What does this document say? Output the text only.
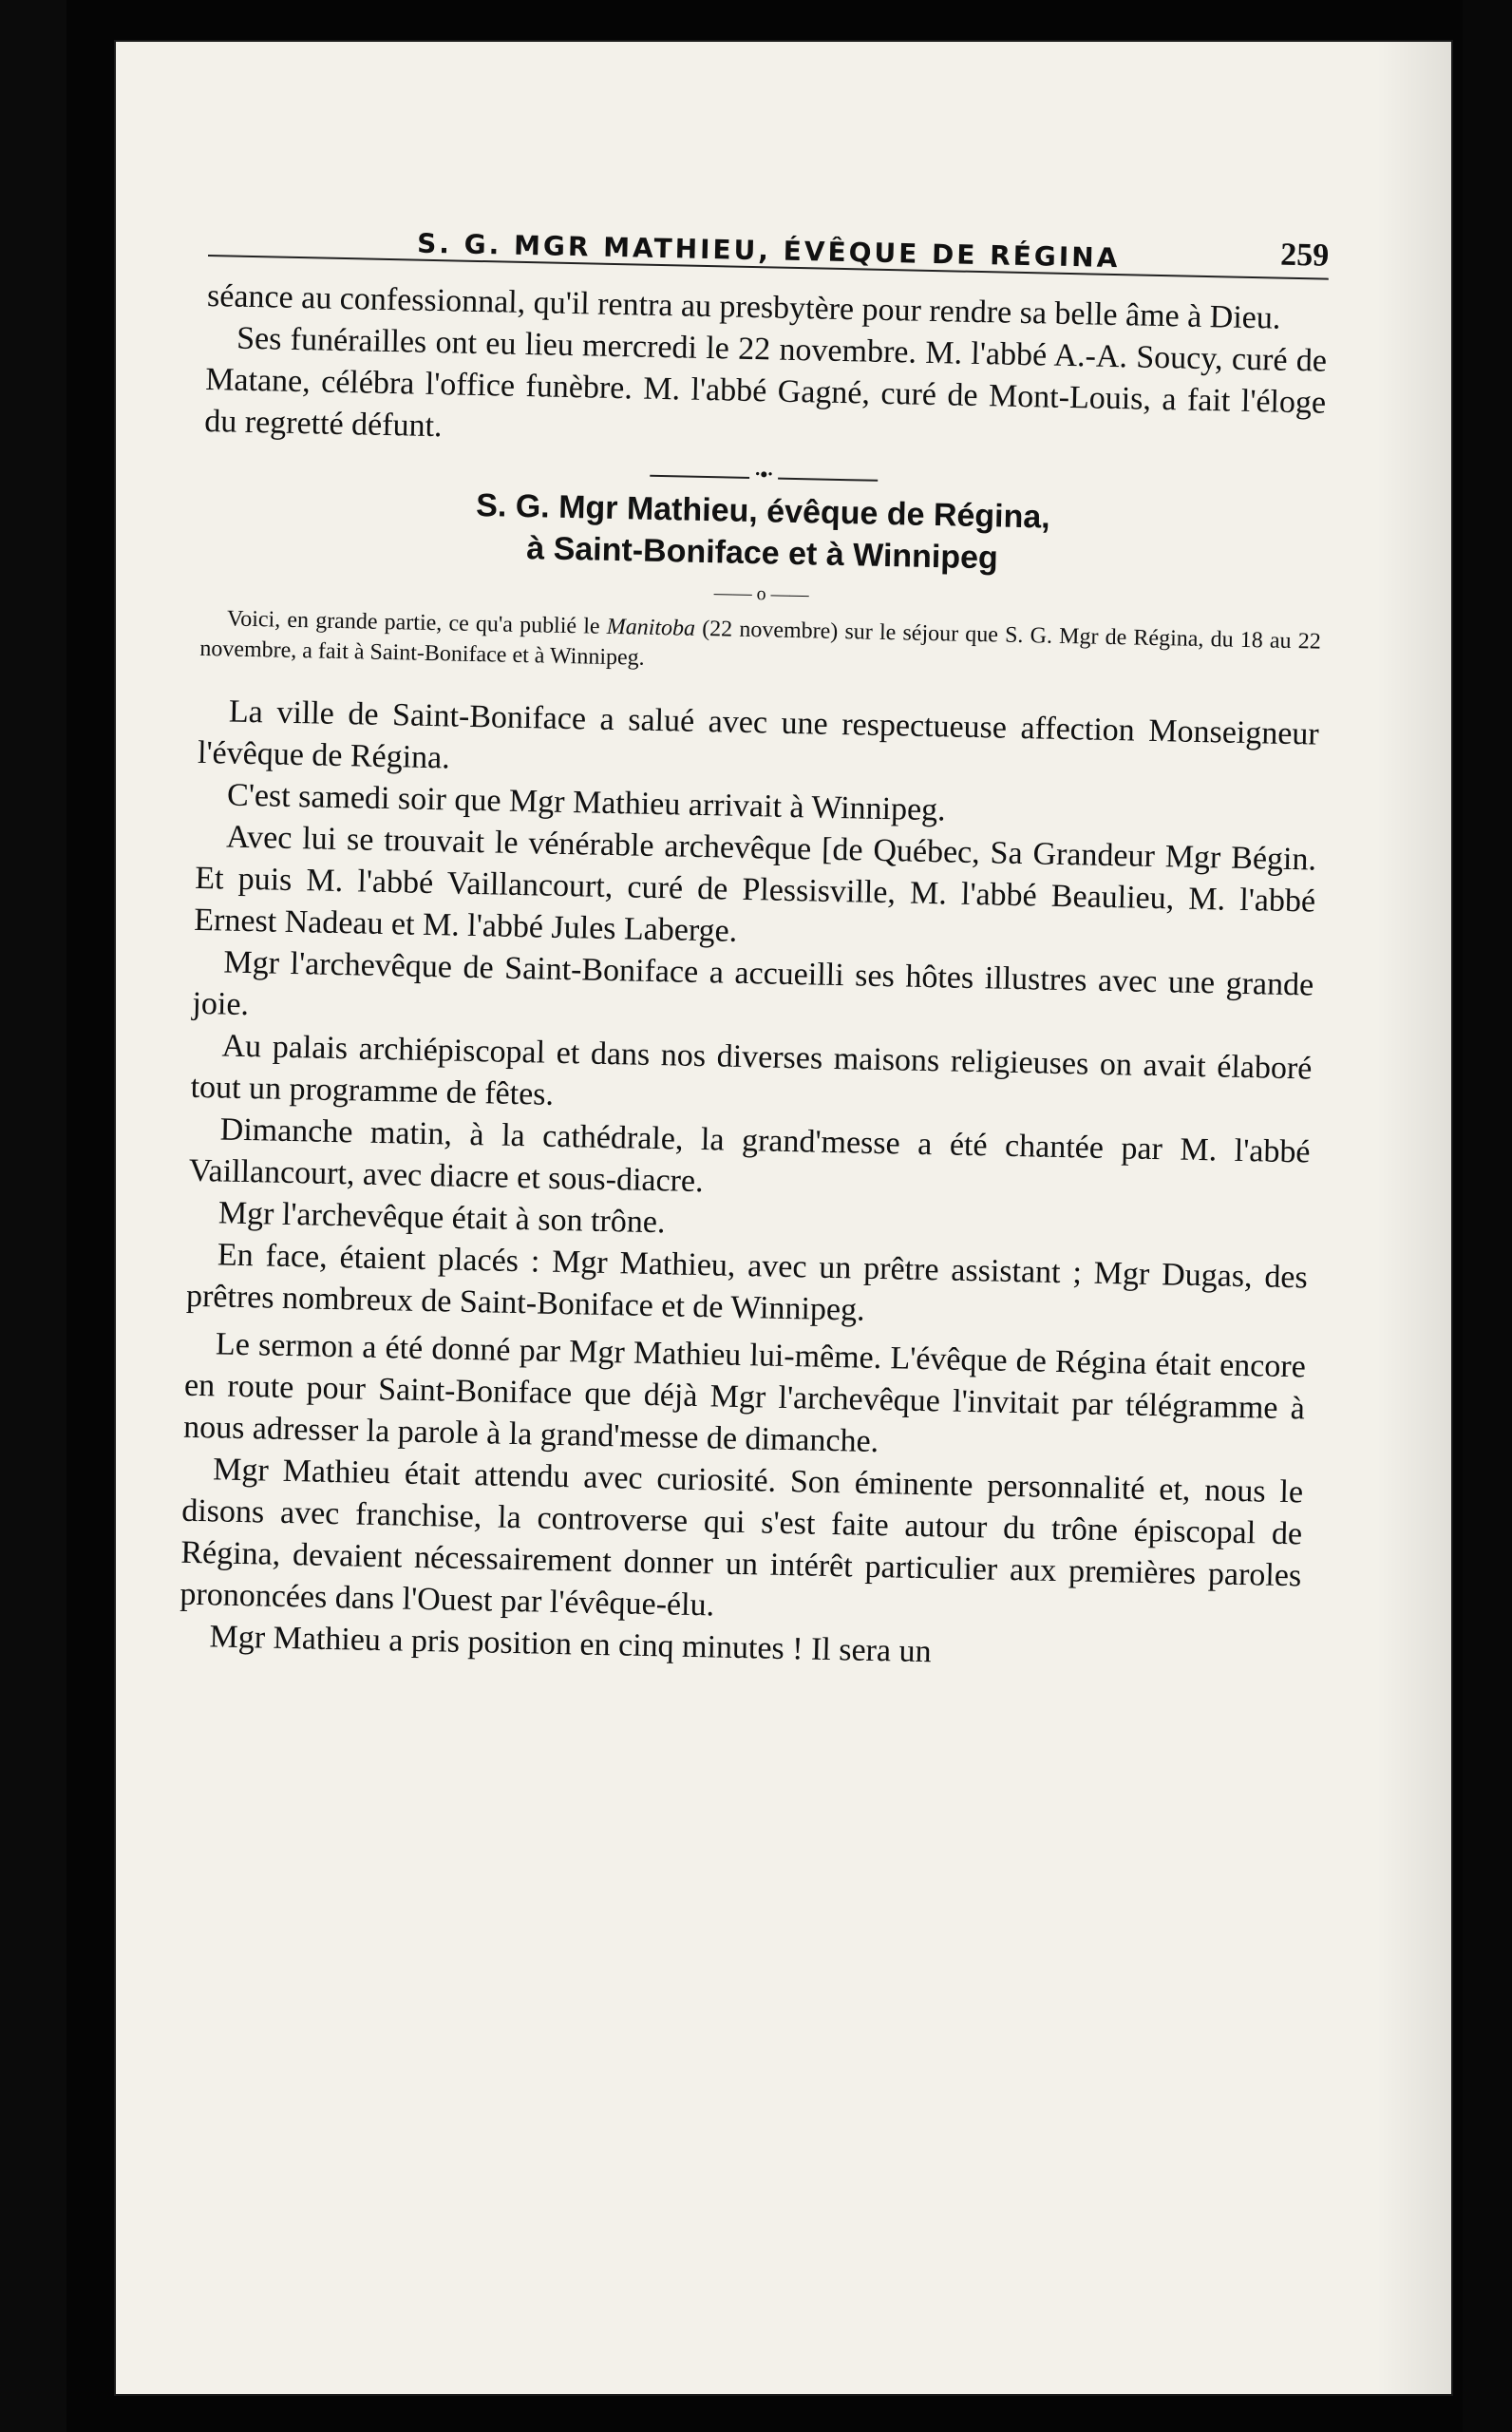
S. G. MGR MATHIEU, ÉVÊQUE DE RÉGINA	259

séance au confessionnal, qu'il rentra au presbytère pour rendre sa belle âme à Dieu.

Ses funérailles ont eu lieu mercredi le 22 novembre. M. l'abbé A.-A. Soucy, curé de Matane, célébra l'office funèbre. M. l'abbé Gagné, curé de Mont-Louis, a fait l'éloge du regretté défunt.

•●•
S. G. Mgr Mathieu, évêque de Régina,
à Saint-Boniface et à Winnipeg
—— o ——
Voici, en grande partie, ce qu'a publié le Manitoba (22 novembre) sur le séjour que S. G. Mgr de Régina, du 18 au 22 novembre, a fait à Saint-Boniface et à Winnipeg.

La ville de Saint-Boniface a salué avec une respectueuse affection Monseigneur l'évêque de Régina.

C'est samedi soir que Mgr Mathieu arrivait à Winnipeg.

Avec lui se trouvait le vénérable archevêque [de Québec, Sa Grandeur Mgr Bégin. Et puis M. l'abbé Vaillancourt, curé de Plessisville, M. l'abbé Beaulieu, M. l'abbé Ernest Nadeau et M. l'abbé Jules Laberge.

Mgr l'archevêque de Saint-Boniface a accueilli ses hôtes illustres avec une grande joie.

Au palais archiépiscopal et dans nos diverses maisons religieuses on avait élaboré tout un programme de fêtes.

Dimanche matin, à la cathédrale, la grand'messe a été chantée par M. l'abbé Vaillancourt, avec diacre et sous-diacre.

Mgr l'archevêque était à son trône.

En face, étaient placés : Mgr Mathieu, avec un prêtre assistant ; Mgr Dugas, des prêtres nombreux de Saint-Boniface et de Winnipeg.

Le sermon a été donné par Mgr Mathieu lui-même. L'évêque de Régina était encore en route pour Saint-Boniface que déjà Mgr l'archevêque l'invitait par télégramme à nous adresser la parole à la grand'messe de dimanche.

Mgr Mathieu était attendu avec curiosité. Son éminente personnalité et, nous le disons avec franchise, la controverse qui s'est faite autour du trône épiscopal de Régina, devaient nécessairement donner un intérêt particulier aux premières paroles prononcées dans l'Ouest par l'évêque-élu.

Mgr Mathieu a pris position en cinq minutes ! Il sera un
